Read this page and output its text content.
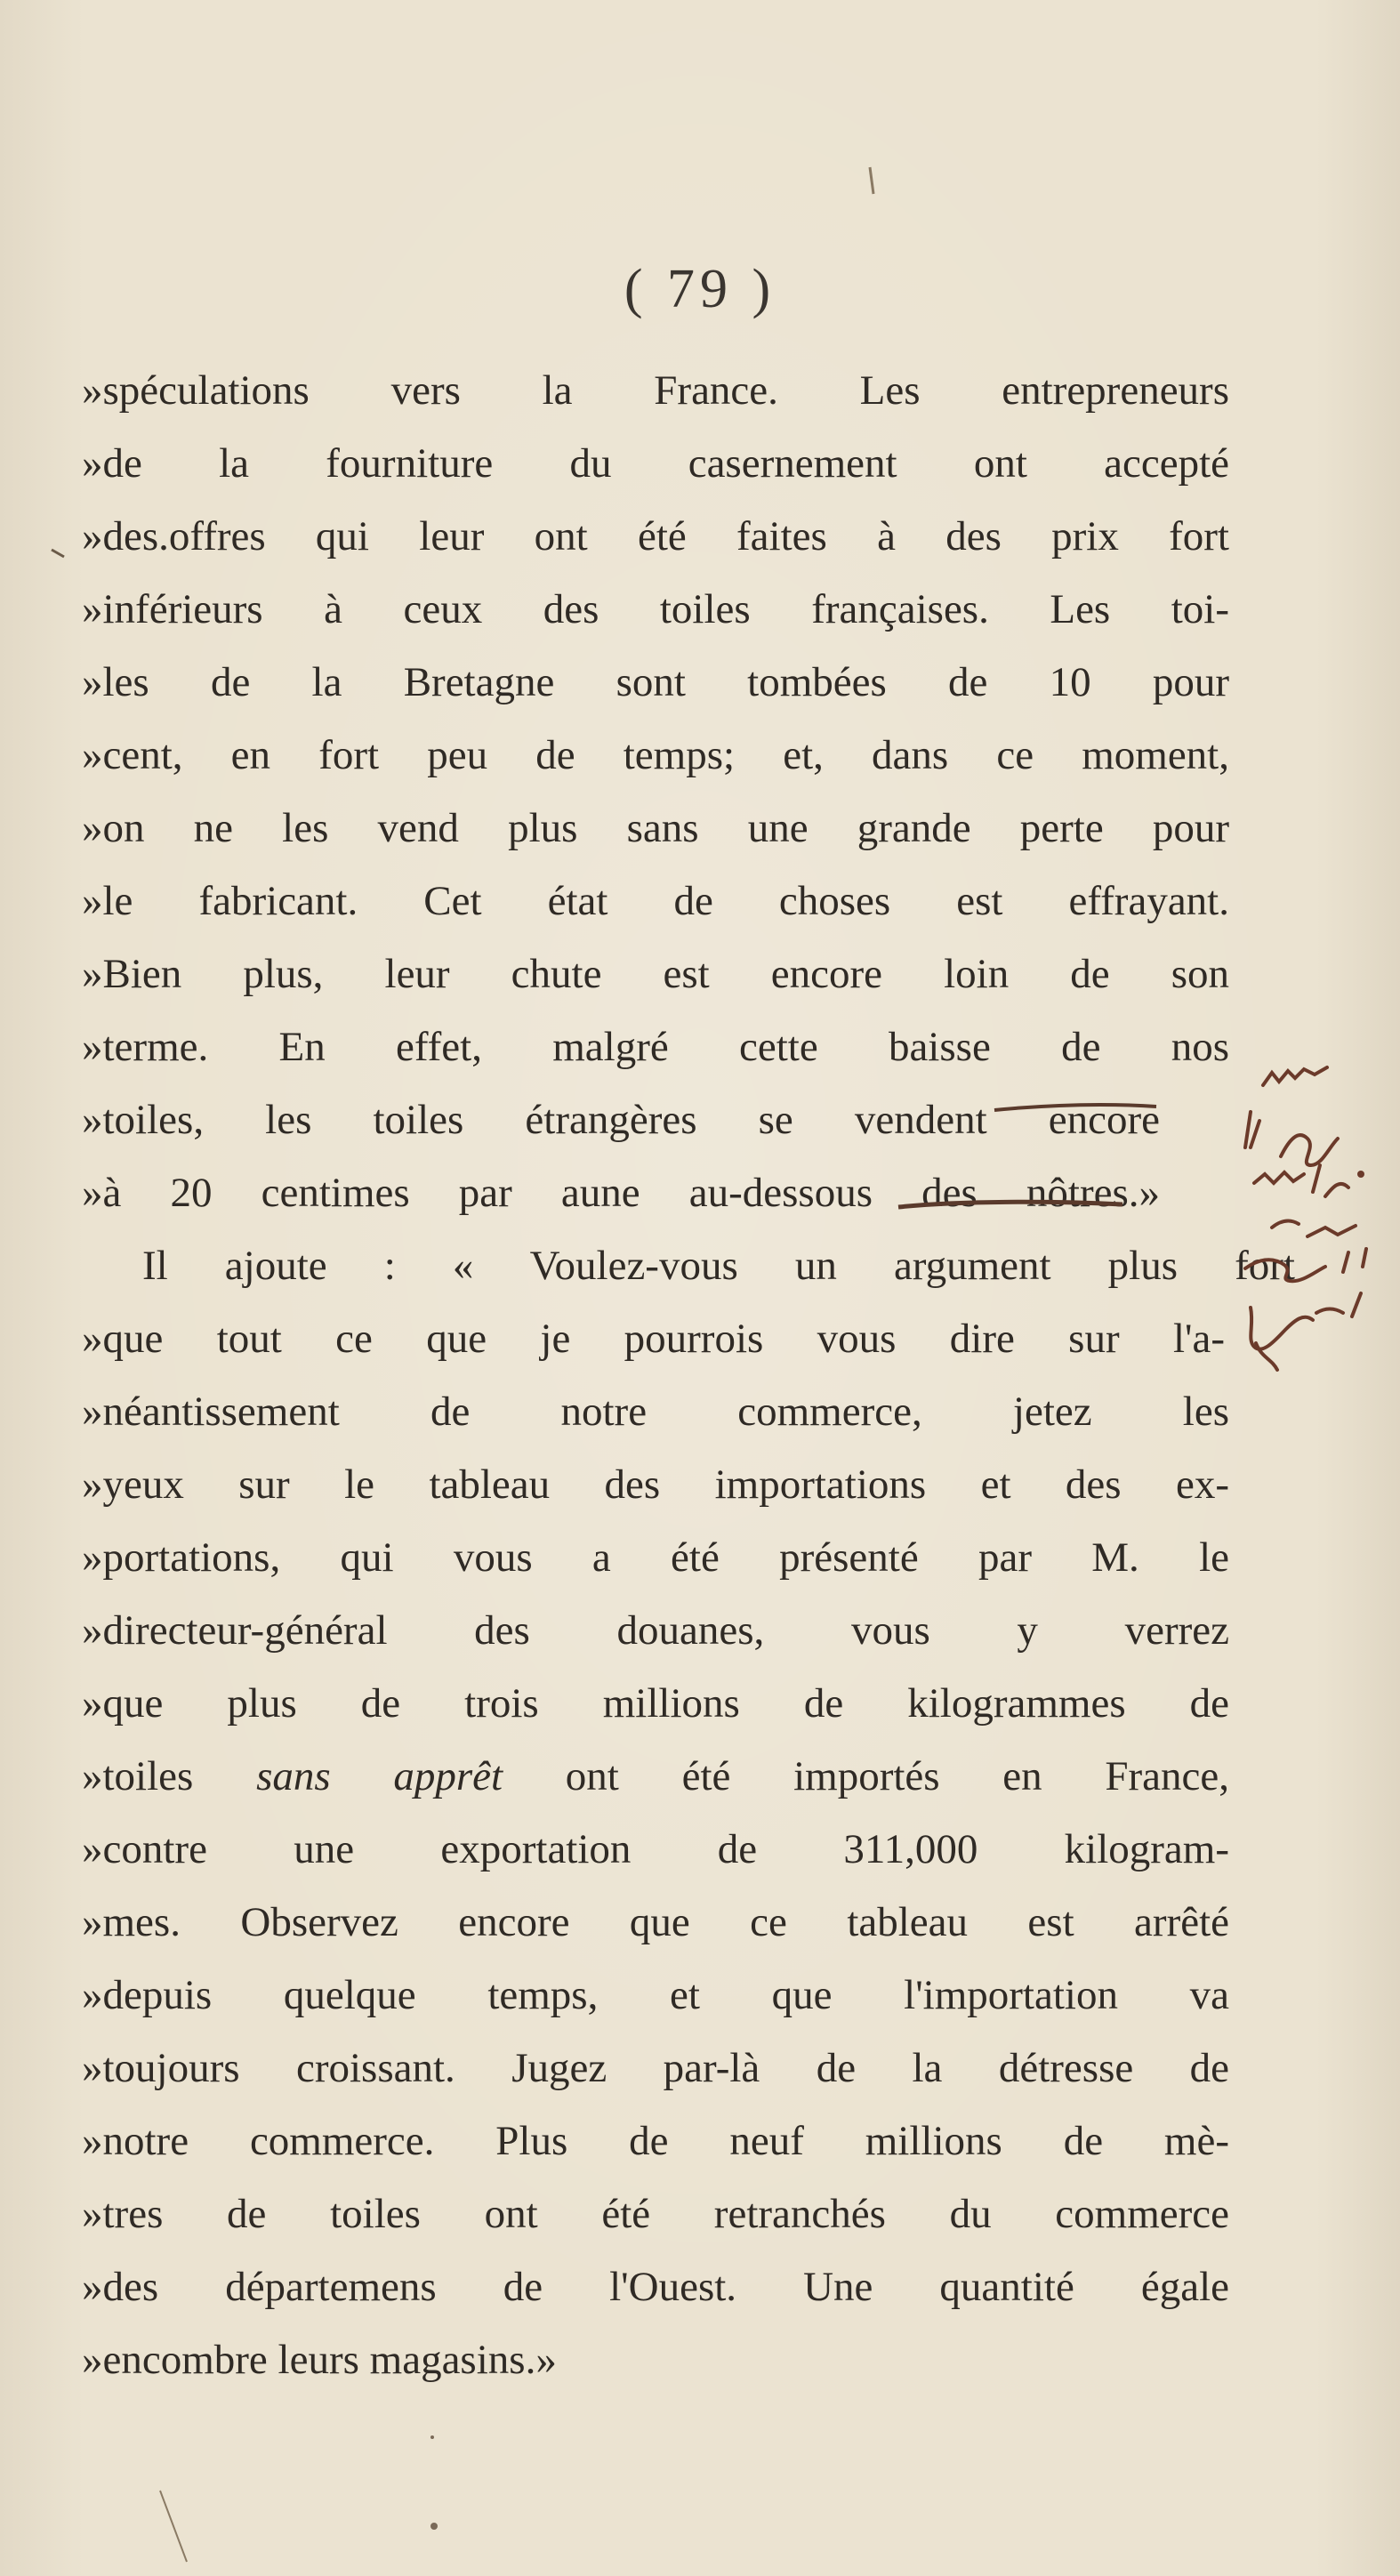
( 79 )
»spéculations vers la France. Les entrepreneurs
»de la fourniture du casernement ont accepté
»des.offres qui leur ont été faites à des prix fort
»inférieurs à ceux des toiles françaises. Les toi-
»les de la Bretagne sont tombées de 10 pour
»cent, en fort peu de temps; et, dans ce moment,
»on ne les vend plus sans une grande perte pour
»le fabricant. Cet état de choses est effrayant.
»Bien plus, leur chute est encore loin de son
»terme. En effet, malgré cette baisse de nos
»toiles, les toiles étrangères se vendent encore
»à 20 centimes par aune au-dessous des nôtres.»
Il ajoute : « Voulez-vous un argument plus fort
»que tout ce que je pourrois vous dire sur l'a-
»néantissement de notre commerce, jetez les
»yeux sur le tableau des importations et des ex-
»portations, qui vous a été présenté par M. le
»directeur-général des douanes, vous y verrez
»que plus de trois millions de kilogrammes de
»toiles sans apprêt ont été importés en France,
»contre une exportation de 311,000 kilogram-
»mes. Observez encore que ce tableau est arrêté
»depuis quelque temps, et que l'importation va
»toujours croissant. Jugez par-là de la détresse de
»notre commerce. Plus de neuf millions de mè-
»tres de toiles ont été retranchés du commerce
»des départemens de l'Ouest. Une quantité égale
»encombre leurs magasins.»
